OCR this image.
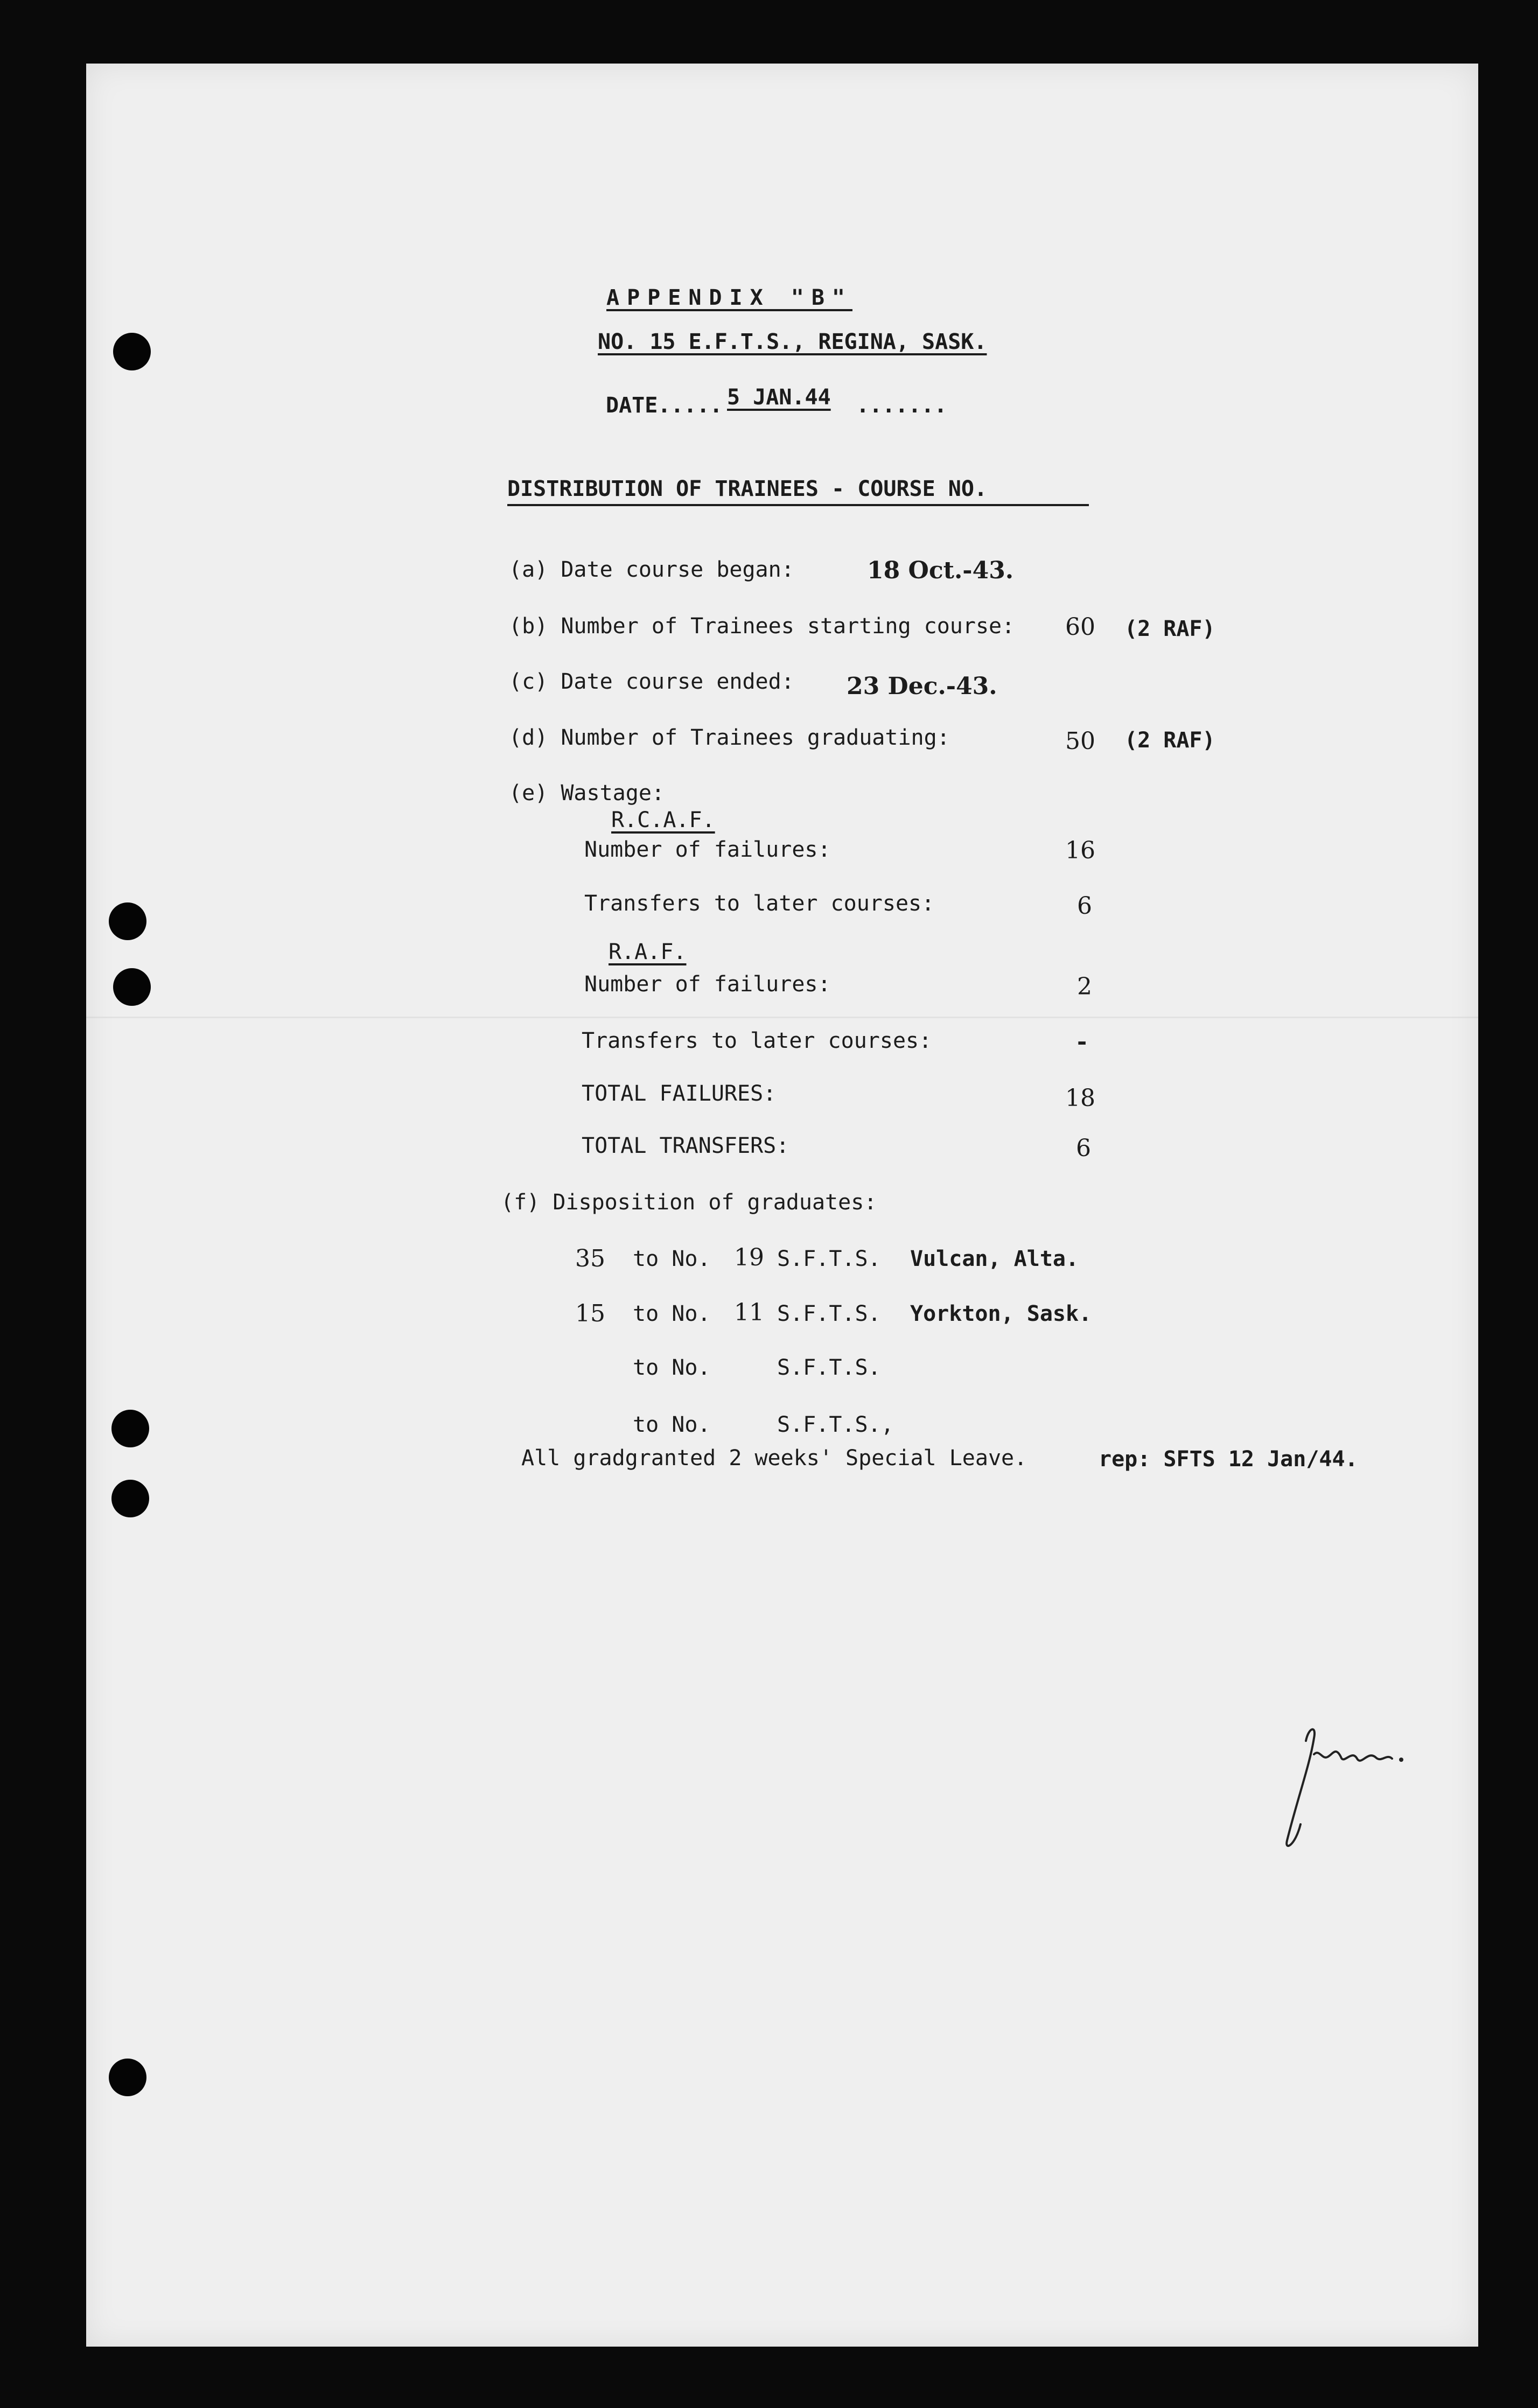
APPENDIX "B"
NO. 15 E.F.T.S., REGINA, SASK.
DATE..... 5 JAN.44 .......
DISTRIBUTION OF TRAINEES - COURSE NO.
(a) Date course began:	18 Oct.-43.
(b) Number of Trainees starting course: 60 (2 RAF)
(c) Date course ended: 23 Dec.-43.
(d) Number of Trainees graduating:	50 (2 RAF)
(e) Wastage:
R.C.A.F.
Number of failures:	16
Transfers to later courses:	6
R.A.F.
Number of failures:	2
Transfers to later courses:	-
TOTAL FAILURES:	18
TOTAL TRANSFERS:	6
(f) Disposition of graduates:
35 to No. 19 S.F.T.S. Vulcan, Alta.
15 to No. 11 S.F.T.S. Yorkton, Sask.
to No.	S.F.T.S.
to No.	S.F.T.S.,
All gradgranted 2 weeks' Special Leave.	rep: SFTS 12 Jan/44.
